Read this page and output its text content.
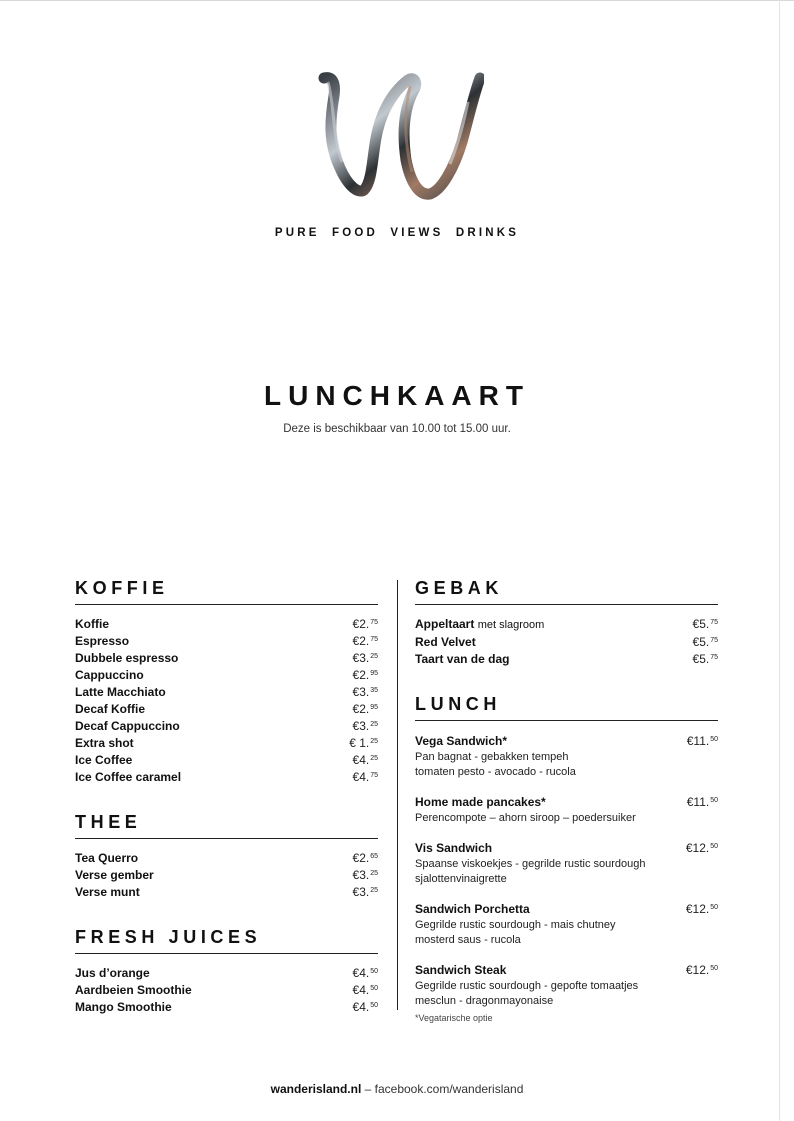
PURE FOOD VIEWS DRINKS
LUNCHKAART
Deze is beschikbaar van 10.00 tot 15.00 uur.
KOFFIE
Koffie	€2.75
Espresso	€2.75
Dubbele espresso	€3.25
Cappuccino	€2.95
Latte Macchiato	€3.35
Decaf Koffie	€2.95
Decaf Cappuccino	€3.25
Extra shot	€ 1.25
Ice Coffee	€4.25
Ice Coffee caramel	€4.75
THEE
Tea Querro	€2.65
Verse gember	€3.25
Verse munt	€3.25
FRESH JUICES
Jus d’orange	€4.50
Aardbeien Smoothie	€4.50
Mango Smoothie	€4.50
GEBAK
Appeltaart met slagroom	€5.75
Red Velvet	€5.75
Taart van de dag	€5.75
LUNCH
Vega Sandwich*	€11.50
Pan bagnat - gebakken tempeh
tomaten pesto - avocado - rucola
Home made pancakes*	€11.50
Perencompote – ahorn siroop – poedersuiker
Vis Sandwich	€12.50
Spaanse viskoekjes - gegrilde rustic sourdough
sjalottenvinaigrette
Sandwich Porchetta	€12.50
Gegrilde rustic sourdough - mais chutney
mosterd saus - rucola
Sandwich Steak	€12.50
Gegrilde rustic sourdough - gepofte tomaatjes
mesclun - dragonmayonaise
*Vegatarische optie
wanderisland.nl – facebook.com/wanderisland
